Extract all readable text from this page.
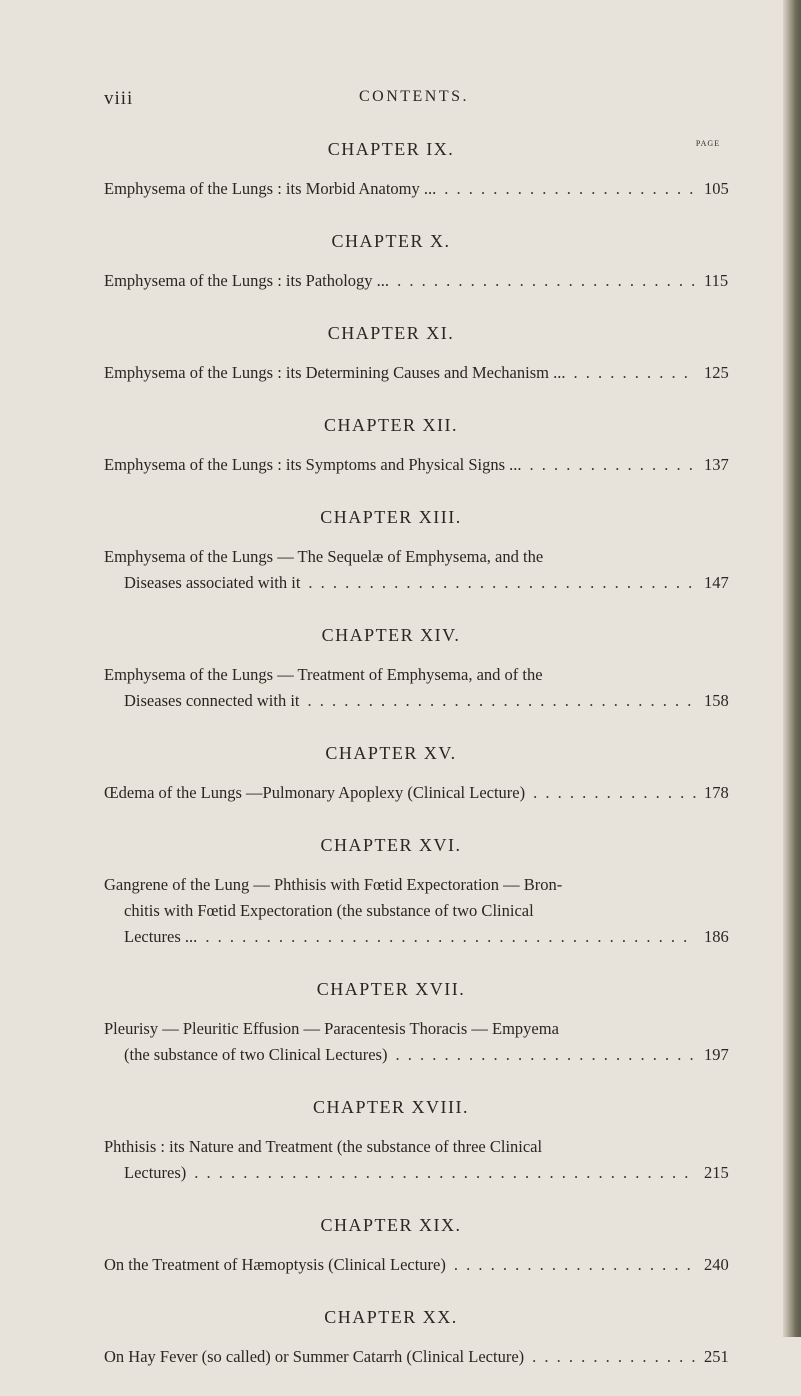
CONTENTS.
viii
PAGE
CHAPTER IX.
Emphysema of the Lungs : its Morbid Anatomy ... . . .	105
CHAPTER X.
Emphysema of the Lungs : its Pathology ... . . .	115
CHAPTER XI.
Emphysema of the Lungs : its Determining Causes and Mechanism ... . . .	125
CHAPTER XII.
Emphysema of the Lungs : its Symptoms and Physical Signs ... . . .	137
CHAPTER XIII.
Emphysema of the Lungs — The Sequelæ of Emphysema, and the
Diseases associated with it . . .	147
CHAPTER XIV.
Emphysema of the Lungs — Treatment of Emphysema, and of the
Diseases connected with it . . .	158
CHAPTER XV.
Œdema of the Lungs —Pulmonary Apoplexy (Clinical Lecture) . . .	178
CHAPTER XVI.
Gangrene of the Lung — Phthisis with Fœtid Expectoration — Bron-
chitis with Fœtid Expectoration (the substance of two Clinical
Lectures ... . . .	186
CHAPTER XVII.
Pleurisy — Pleuritic Effusion — Paracentesis Thoracis — Empyema
(the substance of two Clinical Lectures) . . .	197
CHAPTER XVIII.
Phthisis : its Nature and Treatment (the substance of three Clinical
Lectures) . . .	215
CHAPTER XIX.
On the Treatment of Hæmoptysis (Clinical Lecture) . . .	240
CHAPTER XX.
On Hay Fever (so called) or Summer Catarrh (Clinical Lecture) . . .	251
